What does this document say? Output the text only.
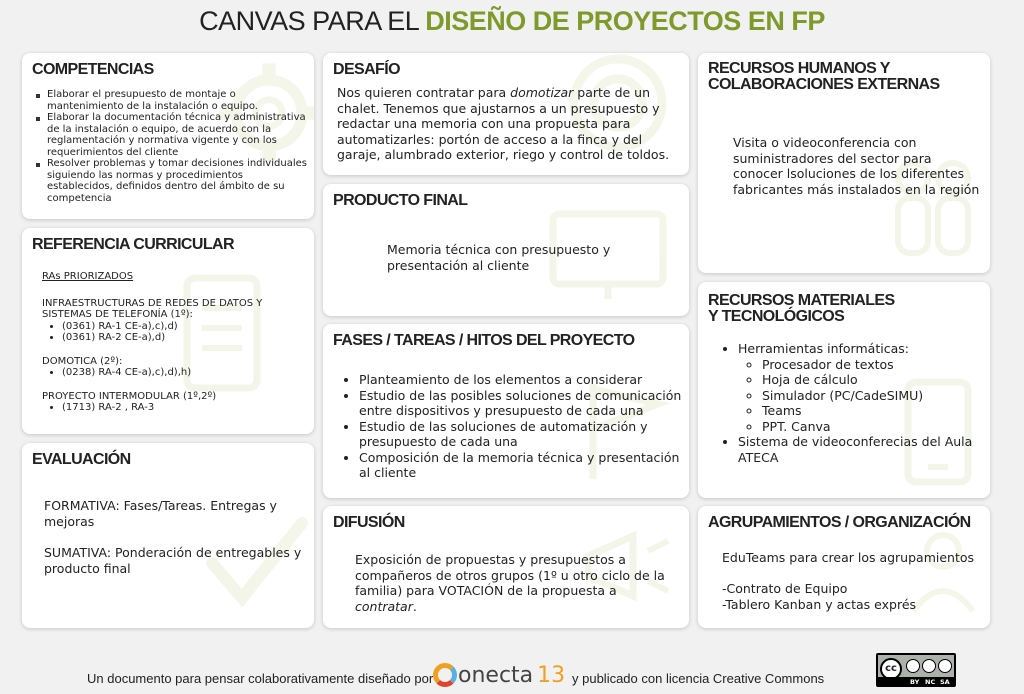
CANVAS PARA EL DISEÑO DE PROYECTOS EN FP
COMPETENCIAS
Elaborar el presupuesto de montaje o mantenimiento de la instalación o equipo.
Elaborar la documentación técnica y administrativa de la instalación o equipo, de acuerdo con la reglamentación y normativa vigente y con los requerimientos del cliente
Resolver problemas y tomar decisiones individuales siguiendo las normas y procedimientos establecidos, definidos dentro del ámbito de su competencia
REFERENCIA CURRICULAR
RAs PRIORIZADOS
INFRAESTRUCTURAS DE REDES DE DATOS Y SISTEMAS DE TELEFONÍA (1º):
• (0361) RA-1 CE-a),c),d)
• (0361) RA-2 CE-a),d)
DOMOTICA (2º):
• (0238) RA-4 CE-a),c),d),h)
PROYECTO INTERMODULAR (1º,2º)
• (1713) RA-2 , RA-3
EVALUACIÓN
FORMATIVA: Fases/Tareas. Entregas y mejoras
SUMATIVA: Ponderación de entregables y producto final
DESAFÍO
Nos quieren contratar para domotizar parte de un chalet. Tenemos que ajustarnos a un presupuesto y redactar una memoria con una propuesta para automatizarles: portón de acceso a la finca y del garaje, alumbrado exterior, riego y control de toldos.
PRODUCTO FINAL
Memoria técnica con presupuesto y presentación al cliente
FASES / TAREAS / HITOS DEL PROYECTO
• Planteamiento de los elementos a considerar
• Estudio de las posibles soluciones de comunicación entre dispositivos y presupuesto de cada una
• Estudio de las soluciones de automatización y presupuesto de cada una
• Composición de la memoria técnica y presentación al cliente
DIFUSIÓN
Exposición de propuestas y presupuestos a compañeros de otros grupos (1º u otro ciclo de la familia) para VOTACIÓN de la propuesta a contratar.
RECURSOS HUMANOS Y
COLABORACIONES EXTERNAS
Visita o videoconferencia con suministradores del sector para conocer lsoluciones de los diferentes fabricantes más instalados en la región
RECURSOS MATERIALES
Y TECNOLÓGICOS
• Herramientas informáticas:
◦ Procesador de textos
◦ Hoja de cálculo
◦ Simulador (PC/CadeSIMU)
◦ Teams
◦ PPT. Canva
• Sistema de videoconferecias del Aula ATECA
AGRUPAMIENTOS / ORGANIZACIÓN
EduTeams para crear los agrupamientos
-Contrato de Equipo
-Tablero Kanban y actas exprés
Un documento para pensar colaborativamente diseñado por onecta 13 y publicado con licencia Creative Commons
cc
BY NC SA
